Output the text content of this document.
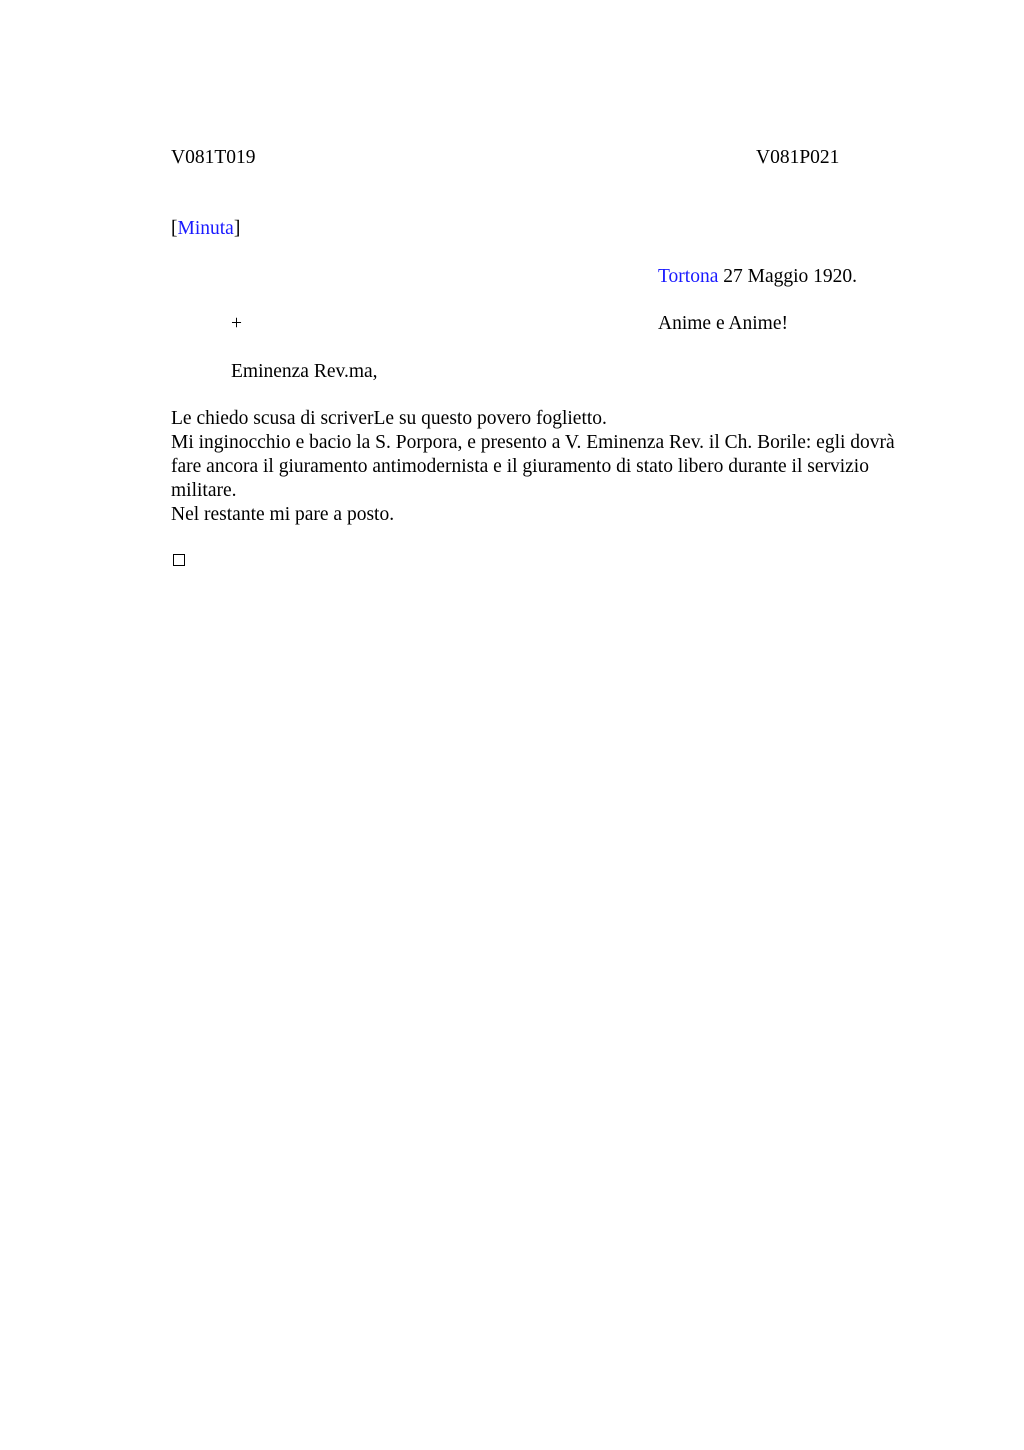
V081T019	V081P021
[Minuta]
Tortona 27 Maggio 1920.
+	Anime e Anime!
Eminenza Rev.ma,

Le chiedo scusa di scriverLe su questo povero foglietto.

Mi inginocchio e bacio la S. Porpora, e presento a V. Eminenza Rev. il Ch. Borile: egli dovrà fare ancora il giuramento antimodernista e il giuramento di stato libero durante il servizio militare.

Nel restante mi pare a posto.
